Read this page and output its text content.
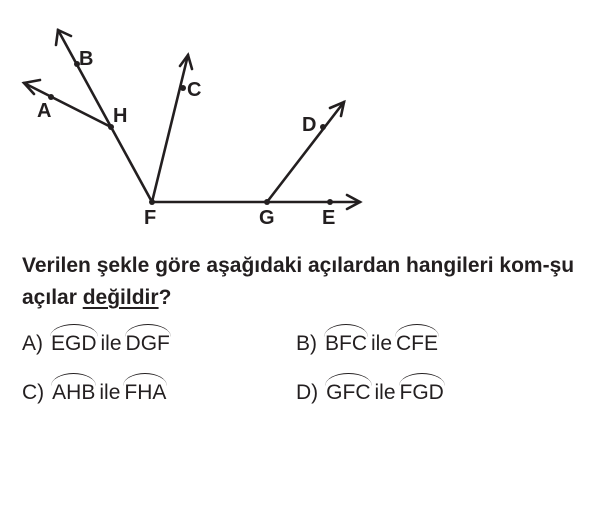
B
A	H
C
D
F	G E
Verilen şekle göre aşağıdaki açılardan hangileri kom-şu açılar değildir?
A) EGD ile DGF	B) BFC ile CFE
C) AHB ile FHA	D) GFC ile FGD
